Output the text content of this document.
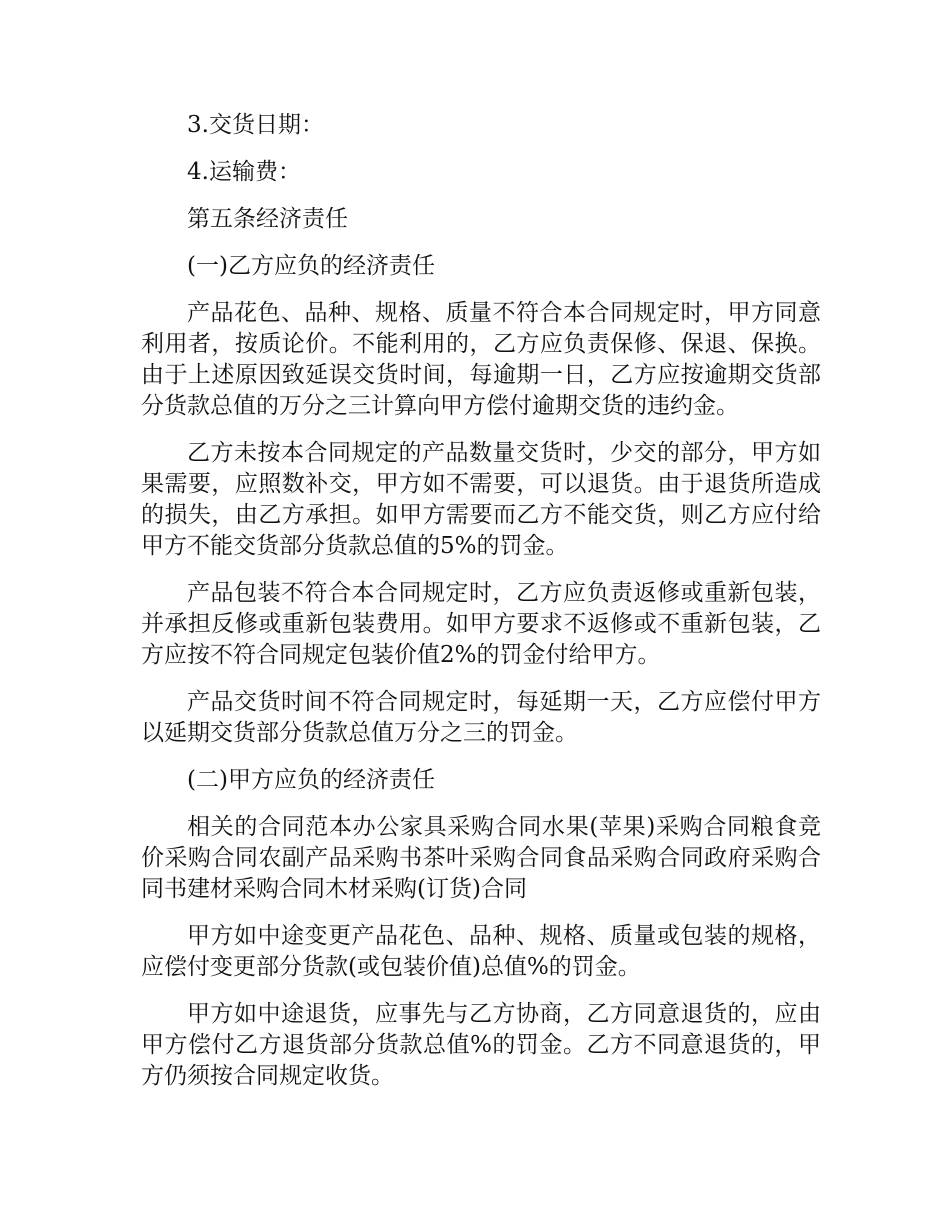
3.交货日期：

4.运输费：

第五条经济责任

(一)乙方应负的经济责任

产品花色、品种、规格、质量不符合本合同规定时，甲方同意利用者，按质论价。不能利用的，乙方应负责保修、保退、保换。由于上述原因致延误交货时间，每逾期一日，乙方应按逾期交货部分货款总值的万分之三计算向甲方偿付逾期交货的违约金。

乙方未按本合同规定的产品数量交货时，少交的部分，甲方如果需要，应照数补交，甲方如不需要，可以退货。由于退货所造成的损失，由乙方承担。如甲方需要而乙方不能交货，则乙方应付给甲方不能交货部分货款总值的5%的罚金。

产品包装不符合本合同规定时，乙方应负责返修或重新包装，并承担反修或重新包装费用。如甲方要求不返修或不重新包装，乙方应按不符合同规定包装价值2%的罚金付给甲方。

产品交货时间不符合同规定时，每延期一天，乙方应偿付甲方以延期交货部分货款总值万分之三的罚金。

(二)甲方应负的经济责任

相关的合同范本办公家具采购合同水果(苹果)采购合同粮食竞价采购合同农副产品采购书茶叶采购合同食品采购合同政府采购合同书建材采购合同木材采购(订货)合同

甲方如中途变更产品花色、品种、规格、质量或包装的规格，应偿付变更部分货款(或包装价值)总值%的罚金。

甲方如中途退货，应事先与乙方协商，乙方同意退货的，应由甲方偿付乙方退货部分货款总值%的罚金。乙方不同意退货的，甲方仍须按合同规定收货。
